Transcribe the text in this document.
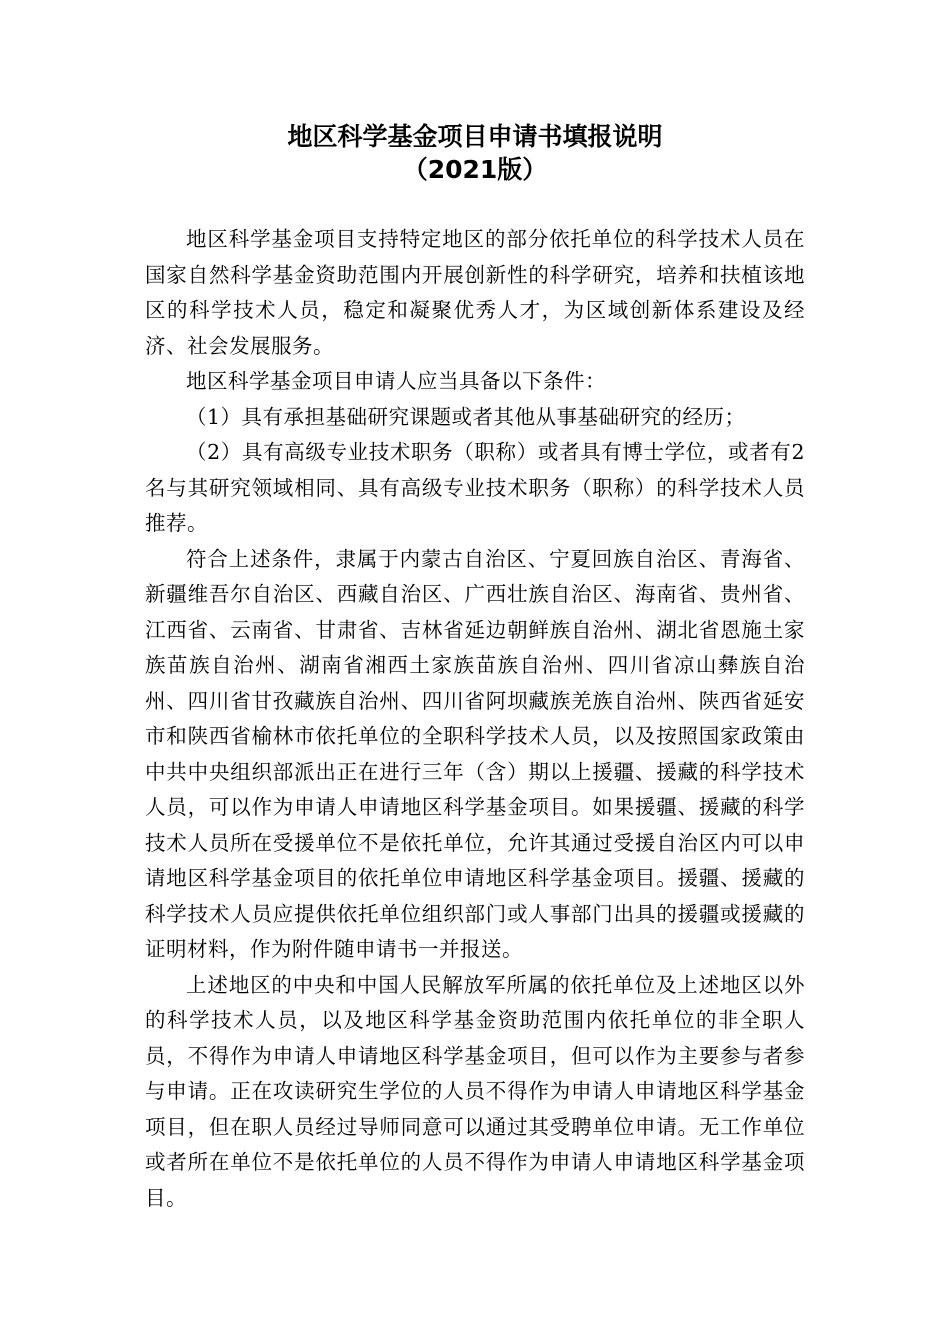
地区科学基金项目申请书填报说明
（2021版）

地区科学基金项目支持特定地区的部分依托单位的科学技术人员在国家自然科学基金资助范围内开展创新性的科学研究，培养和扶植该地区的科学技术人员，稳定和凝聚优秀人才，为区域创新体系建设及经济、社会发展服务。

地区科学基金项目申请人应当具备以下条件：

（1）具有承担基础研究课题或者其他从事基础研究的经历；

（2）具有高级专业技术职务（职称）或者具有博士学位，或者有2名与其研究领域相同、具有高级专业技术职务（职称）的科学技术人员推荐。

符合上述条件，隶属于内蒙古自治区、宁夏回族自治区、青海省、新疆维吾尔自治区、西藏自治区、广西壮族自治区、海南省、贵州省、江西省、云南省、甘肃省、吉林省延边朝鲜族自治州、湖北省恩施土家族苗族自治州、湖南省湘西土家族苗族自治州、四川省凉山彝族自治州、四川省甘孜藏族自治州、四川省阿坝藏族羌族自治州、陕西省延安市和陕西省榆林市依托单位的全职科学技术人员，以及按照国家政策由中共中央组织部派出正在进行三年（含）期以上援疆、援藏的科学技术人员，可以作为申请人申请地区科学基金项目。如果援疆、援藏的科学技术人员所在受援单位不是依托单位，允许其通过受援自治区内可以申请地区科学基金项目的依托单位申请地区科学基金项目。援疆、援藏的科学技术人员应提供依托单位组织部门或人事部门出具的援疆或援藏的证明材料，作为附件随申请书一并报送。

上述地区的中央和中国人民解放军所属的依托单位及上述地区以外的科学技术人员，以及地区科学基金资助范围内依托单位的非全职人员，不得作为申请人申请地区科学基金项目，但可以作为主要参与者参与申请。正在攻读研究生学位的人员不得作为申请人申请地区科学基金项目，但在职人员经过导师同意可以通过其受聘单位申请。无工作单位或者所在单位不是依托单位的人员不得作为申请人申请地区科学基金项目。
